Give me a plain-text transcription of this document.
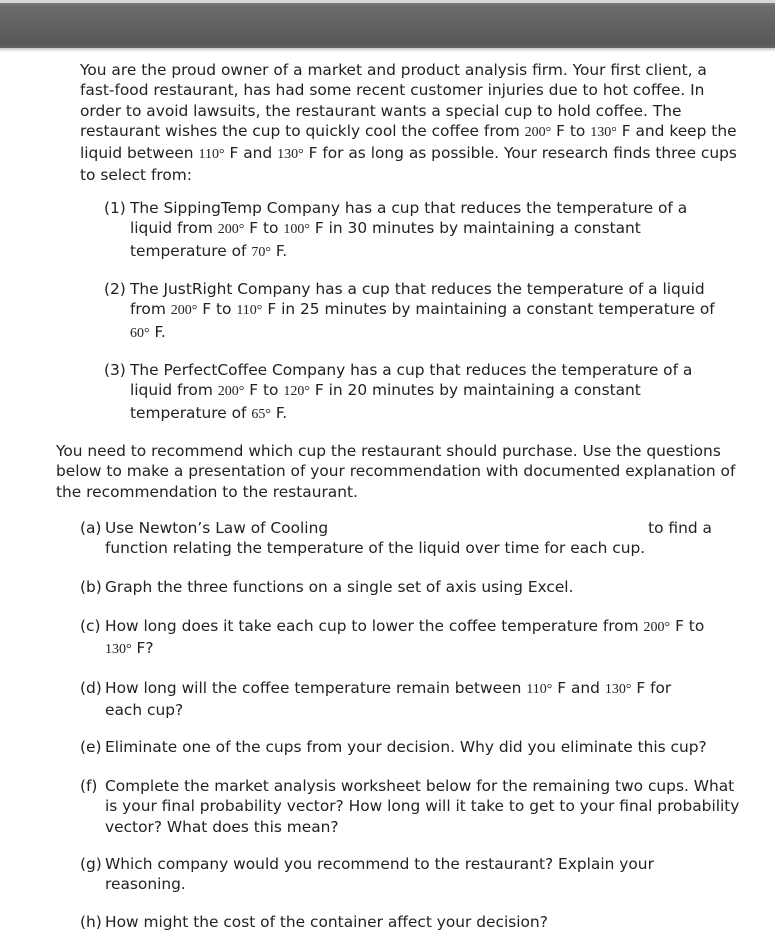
You are the proud owner of a market and product analysis firm. Your first client, a fast-food restaurant, has had some recent customer injuries due to hot coffee. In order to avoid lawsuits, the restaurant wants a special cup to hold coffee. The restaurant wishes the cup to quickly cool the coffee from 200° F to 130° F and keep the liquid between 110° F and 130° F for as long as possible. Your research finds three cups to select from:

(1) The SippingTemp Company has a cup that reduces the temperature of a liquid from 200° F to 100° F in 30 minutes by maintaining a constant temperature of 70° F.
(2) The JustRight Company has a cup that reduces the temperature of a liquid from 200° F to 110° F in 25 minutes by maintaining a constant temperature of 60° F.
(3) The PerfectCoffee Company has a cup that reduces the temperature of a liquid from 200° F to 120° F in 20 minutes by maintaining a constant temperature of 65° F.

You need to recommend which cup the restaurant should purchase. Use the questions below to make a presentation of your recommendation with documented explanation of the recommendation to the restaurant.

(a) Use Newton’s Law of Cooling	to find a
function relating the temperature of the liquid over time for each cup.
(b) Graph the three functions on a single set of axis using Excel.
(c) How long does it take each cup to lower the coffee temperature from 200° F to
130° F?
(d) How long will the coffee temperature remain between 110° F and 130° F for each cup?
(e) Eliminate one of the cups from your decision. Why did you eliminate this cup?
(f) Complete the market analysis worksheet below for the remaining two cups. What is your final probability vector? How long will it take to get to your final probability vector? What does this mean?
(g) Which company would you recommend to the restaurant? Explain your reasoning.
(h) How might the cost of the container affect your decision?
